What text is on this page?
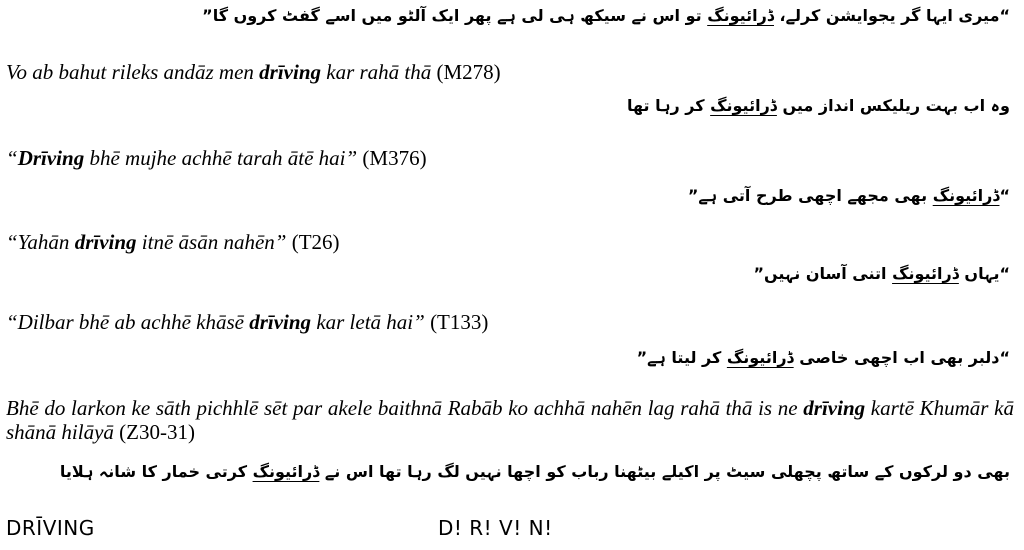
“میری ایہا گر یجوایشن کرلے، ڈرائیونگ تو اس نے سیکھ ہی لی ہے پھر ایک آلٹو میں اسے گفٹ کروں گا”
Vo ab bahut rileks andāz men drīving kar rahā thā (M278)
وہ اب بہت ریلیکس انداز میں ڈرائیونگ کر رہا تھا
“Drīving bhē mujhe achhē tarah ātē hai” (M376)
“ڈرائیونگ بھی مجھے اچھی طرح آتی ہے”
“Yahān drīving itnē āsān nahēn” (T26)
“یہاں ڈرائیونگ اتنی آسان نہیں”
“Dilbar bhē ab achhē khāsē drīving kar letā hai” (T133)
“دلبر بھی اب اچھی خاصی ڈرائیونگ کر لیتا ہے”
Bhē do larkon ke sāth pichhlē sēt par akele baithnā Rabāb ko achhā nahēn lag rahā thā is ne drīving kartē Khumār kā shānā hilāyā (Z30-31)
بھی دو لرکوں کے ساتھ پچھلی سیٹ پر اکیلے بیٹھنا رباب کو اچھا نہیں لگ رہا تھا اس نے ڈرائیونگ کرتی خمار کا شانہ ہلایا
DRĪVING	D! R! V! N!
